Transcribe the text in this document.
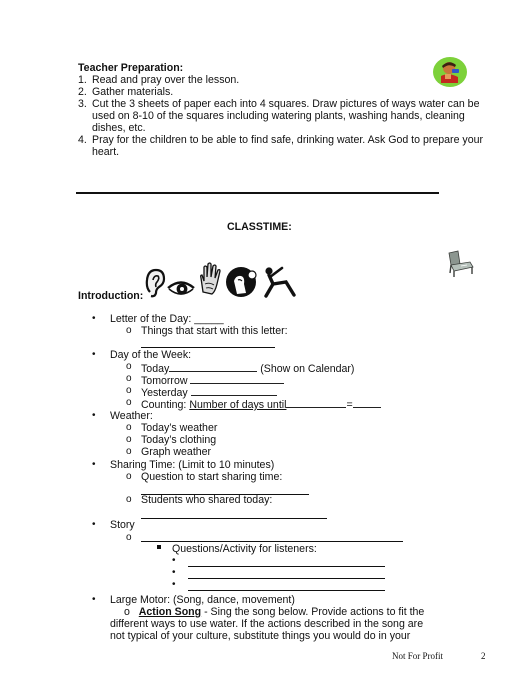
Teacher Preparation:
1. Read and pray over the lesson.
2. Gather materials.
3. Cut the 3 sheets of paper each into 4 squares. Draw pictures of ways water can be
used on 8-10 of the squares including watering plants, washing hands, cleaning
dishes, etc.
4. Pray for the children to be able to find safe, drinking water. Ask God to prepare your
heart.
CLASSTIME:
Introduction:
• Letter of the Day: _____
o Things that start with this letter:
• Day of the Week:
o Today	(Show on Calendar)
o Tomorrow
o Yesterday
o Counting: Number of days until	=
• Weather:
o Today’s weather
o Today’s clothing
o Graph weather
• Sharing Time: (Limit to 10 minutes)
o Question to start sharing time:
o Students who shared today:
• Story
o
Questions/Activity for listeners:
•
•
•
• Large Motor: (Song, dance, movement)
o Action Song - Sing the song below. Provide actions to fit the
different ways to use water. If the actions described in the song are
not typical of your culture, substitute things you would do in your
Not For Profit	2
